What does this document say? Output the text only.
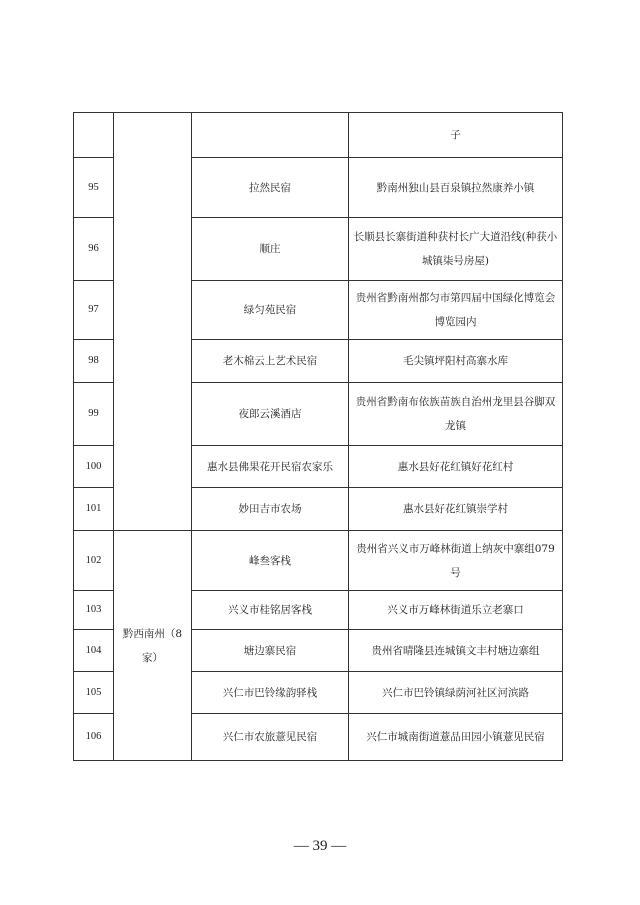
			子
95		拉然民宿	黔南州独山县百泉镇拉然康养小镇
96		顺庄	长顺县长寨街道种获村长广大道沿线(种获小城镇柒号房屋)
97		绿匀苑民宿	贵州省黔南州都匀市第四届中国绿化博览会博览园内
98		老木棉云上艺术民宿	毛尖镇坪阳村高寨水库
99		夜郎云溪酒店	贵州省黔南布依族苗族自治州龙里县谷脚双龙镇
100		惠水县佛果花开民宿农家乐	惠水县好花红镇好花红村
101		妙田吉市农场	惠水县好花红镇崇学村
102	黔西南州（8家）	峰叁客栈	贵州省兴义市万峰林街道上纳灰中寨组079号
103		兴义市桂铭居客栈	兴义市万峰林街道乐立老寨口
104		塘边寨民宿	贵州省晴隆县连城镇文丰村塘边寨组
105		兴仁市巴铃缘韵驿栈	兴仁市巴铃镇绿荫河社区河滨路
106		兴仁市农旅薏见民宿	兴仁市城南街道薏品田园小镇薏见民宿
— 39 —
